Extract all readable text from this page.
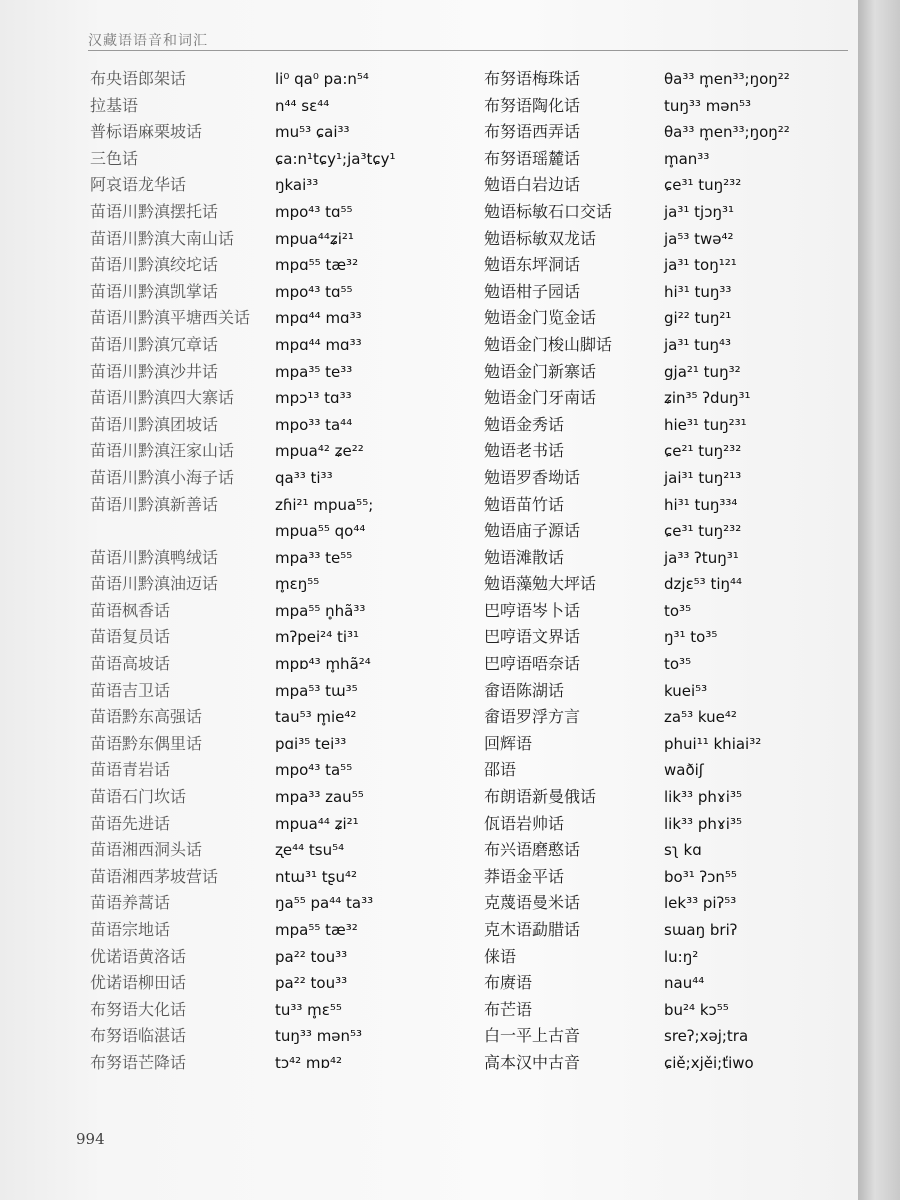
汉藏语语音和词汇
布央语郎架话	li⁰ qa⁰ pa:n⁵⁴
拉基语	n⁴⁴ sɛ⁴⁴
普标语麻栗坡话	mu⁵³ ɕai³³
三色话	ɕa:n¹tɕy¹;ja³tɕy¹
阿哀语龙华话	ŋkai³³
苗语川黔滇摆托话	mpo⁴³ tɑ⁵⁵
苗语川黔滇大南山话	mpua⁴⁴ʑi²¹
苗语川黔滇绞坨话	mpɑ⁵⁵ tæ³²
苗语川黔滇凯掌话	mpo⁴³ tɑ⁵⁵
苗语川黔滇平塘西关话 mpɑ⁴⁴ mɑ³³
苗语川黔滇冗章话	mpɑ⁴⁴ mɑ³³
苗语川黔滇沙井话	mpa³⁵ te³³
苗语川黔滇四大寨话	mpɔ¹³ tɑ³³
苗语川黔滇团坡话	mpo³³ ta⁴⁴
苗语川黔滇汪家山话	mpua⁴² ʑe²²
苗语川黔滇小海子话	qa³³ ti³³
苗语川黔滇新善话	zɦi²¹ mpua⁵⁵;
mpua⁵⁵ qo⁴⁴
苗语川黔滇鸭绒话	mpa³³ te⁵⁵
苗语川黔滇油迈话	m̥ɛŋ⁵⁵
苗语枫香话	mpa⁵⁵ n̥hã³³
苗语复员话	mʔpei²⁴ ti³¹
苗语高坡话	mpɒ⁴³ m̥hã²⁴
苗语吉卫话	mpa⁵³ tɯ³⁵
苗语黔东高强话	tau⁵³ m̥ie⁴²
苗语黔东偶里话	pɑi³⁵ tei³³
苗语青岩话	mpo⁴³ ta⁵⁵
苗语石门坎话	mpa³³ zau⁵⁵
苗语先进话	mpua⁴⁴ ʑi²¹
苗语湘西洞头话	ʐe⁴⁴ tsu⁵⁴
苗语湘西茅坡营话	ntɯ³¹ tʂu⁴²
苗语养蒿话	ŋa⁵⁵ pa⁴⁴ ta³³
苗语宗地话	mpa⁵⁵ tæ³²
优诺语黄洛话	pa²² tou³³
优诺语柳田话	pa²² tou³³
布努语大化话	tu³³ m̥ɛ⁵⁵
布努语临湛话	tuŋ³³ mən⁵³
布努语芒降话	tɔ⁴² mɒ⁴²
布努语梅珠话	θa³³ m̥en³³;ŋoŋ²²
布努语陶化话	tuŋ³³ mən⁵³
布努语西弄话	θa³³ m̥en³³;ŋoŋ²²
布努语瑶麓话	m̥an³³
勉语白岩边话	ɕe³¹ tuŋ²³²
勉语标敏石口交话	ja³¹ tjɔŋ³¹
勉语标敏双龙话	ja⁵³ twə⁴²
勉语东坪洞话	ja³¹ toŋ¹²¹
勉语柑子园话	hi³¹ tuŋ³³
勉语金门览金话	gi²² tuŋ²¹
勉语金门梭山脚话	ja³¹ tuŋ⁴³
勉语金门新寨话	gja²¹ tuŋ³²
勉语金门牙南话	ʑin³⁵ ʔduŋ³¹
勉语金秀话	hie³¹ tuŋ²³¹
勉语老书话	ɕe²¹ tuŋ²³²
勉语罗香坳话	jai³¹ tuŋ²¹³
勉语苗竹话	hi³¹ tuŋ³³⁴
勉语庙子源话	ɕe³¹ tuŋ²³²
勉语滩散话	ja³³ ʔtuŋ³¹
勉语藻勉大坪话	dzjɛ⁵³ tiŋ⁴⁴
巴哼语岑卜话	to³⁵
巴哼语文界话	ŋ³¹ to³⁵
巴哼语唔奈话	to³⁵
畲语陈湖话	kuei⁵³
畲语罗浮方言	za⁵³ kue⁴²
回辉语	phui¹¹ khiai³²
邵语	waðiʃ
布朗语新曼俄话	lik³³ phɤi³⁵
佤语岩帅话	lik³³ phɤi³⁵
布兴语磨憨话	sʅ kɑ
莽语金平话	bo³¹ ʔɔn⁵⁵
克蔑语曼米话	lek³³ piʔ⁵³
克木语勐腊话	sɯaŋ briʔ
俫语	lu:ŋ²
布赓语	nau⁴⁴
布芒语	bu²⁴ kɔ⁵⁵
白一平上古音	sreʔ;xəj;tra
高本汉中古音	ɕiě;xjěi;ťiwo
994
